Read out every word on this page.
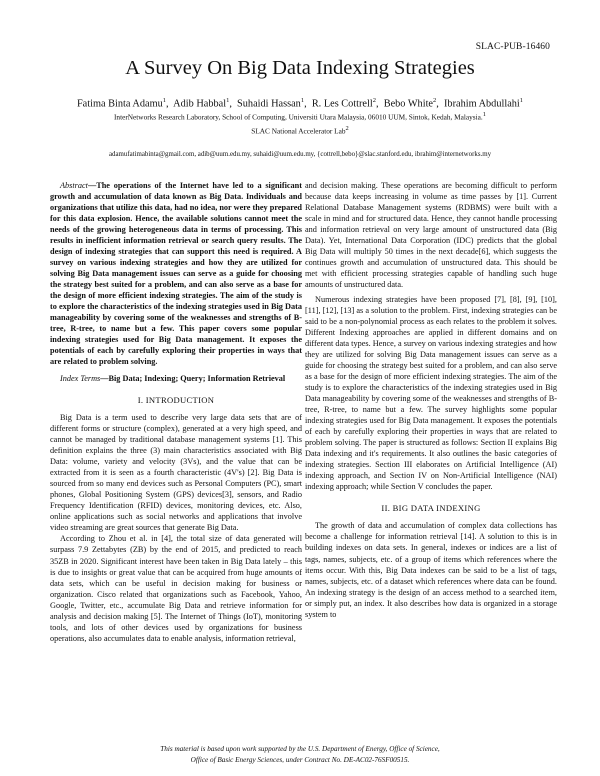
SLAC-PUB-16460
A Survey On Big Data Indexing Strategies
Fatima Binta Adamu$^1$,  Adib Habbal$^1$,  Suhaidi Hassan$^1$,  R. Les Cottrell$^2$,  Bebo White$^2$,  Ibrahim Abdullahi$^1$
InterNetworks Research Laboratory, School of Computing, Universiti Utara Malaysia, 06010 UUM, Sintok, Kedah, Malaysia.$^1$
SLAC National Accelerator Lab$^2$
adamufatimabinta@gmail.com, adib@uum.edu.my, suhaidi@uum.edu.my, {cottrell,bebo}@slac.stanford.edu, ibrahim@internetworks.my

Abstract—The operations of the Internet have led to a significant growth and accumulation of data known as Big Data. Individuals and organizations that utilize this data, had no idea, nor were they prepared for this data explosion. Hence, the available solutions cannot meet the needs of the growing heterogeneous data in terms of processing. This results in inefficient information retrieval or search query results. The design of indexing strategies that can support this need is required. A survey on various indexing strategies and how they are utilized for solving Big Data management issues can serve as a guide for choosing the strategy best suited for a problem, and can also serve as a base for the design of more efficient indexing strategies. The aim of the study is to explore the characteristics of the indexing strategies used in Big Data manageability by covering some of the weaknesses and strengths of B-tree, R-tree, to name but a few. This paper covers some popular indexing strategies used for Big Data management. It exposes the potentials of each by carefully exploring their properties in ways that are related to problem solving.

Index Terms—Big Data; Indexing; Query; Information Retrieval

I. INTRODUCTION

Big Data is a term used to describe very large data sets that are of different forms or structure (complex), generated at a very high speed, and cannot be managed by traditional database management systems [1]. This definition explains the three (3) main characteristics associated with Big Data: volume, variety and velocity (3Vs), and the value that can be extracted from it is seen as a fourth characteristic (4V's) [2]. Big Data is sourced from so many end devices such as Personal Computers (PC), smart phones, Global Positioning System (GPS) devices[3], sensors, and Radio Frequency Identification (RFID) devices, monitoring devices, etc. Also, online applications such as social networks and applications that involve video streaming are great sources that generate Big Data.

According to Zhou et al. in [4], the total size of data generated will surpass 7.9 Zettabytes (ZB) by the end of 2015, and predicted to reach 35ZB in 2020. Significant interest have been taken in Big Data lately – this is due to insights or great value that can be acquired from huge amounts of data sets, which can be useful in decision making for business or organization. Cisco related that organizations such as Facebook, Yahoo, Google, Twitter, etc., accumulate Big Data and retrieve information for analysis and decision making [5]. The Internet of Things (IoT), monitoring tools, and lots of other devices used by organizations for business operations, also accumulates data to enable analysis, information retrieval,

and decision making. These operations are becoming difficult to perform because data keeps increasing in volume as time passes by [1]. Current Relational Database Management systems (RDBMS) were built with a scale in mind and for structured data. Hence, they cannot handle processing and information retrieval on very large amount of unstructured data (Big Data). Yet, International Data Corporation (IDC) predicts that the global Big Data will multiply 50 times in the next decade[6], which suggests the continues growth and accumulation of unstructured data. This should be met with efficient processing strategies capable of handling such huge amounts of unstructured data.

Numerous indexing strategies have been proposed [7], [8], [9], [10], [11], [12], [13] as a solution to the problem. First, indexing strategies can be said to be a non-polynomial process as each relates to the problem it solves. Different Indexing approaches are applied in different domains and on different data types. Hence, a survey on various indexing strategies and how they are utilized for solving Big Data management issues can serve as a guide for choosing the strategy best suited for a problem, and can also serve as a base for the design of more efficient indexing strategies. The aim of the study is to explore the characteristics of the indexing strategies used in Big Data manageability by covering some of the weaknesses and strengths of B-tree, R-tree, to name but a few. The survey highlights some popular indexing strategies used for Big Data management. It exposes the potentials of each by carefully exploring their properties in ways that are related to problem solving. The paper is structured as follows: Section II explains Big Data indexing and it's requirements. It also outlines the basic categories of indexing strategies. Section III elaborates on Artificial Intelligence (AI) indexing approach, and Section IV on Non-Artificial Intelligence (NAI) indexing approach; while Section V concludes the paper.

II. BIG DATA INDEXING

The growth of data and accumulation of complex data collections has become a challenge for information retrieval [14]. A solution to this is in building indexes on data sets. In general, indexes or indices are a list of tags, names, subjects, etc. of a group of items which references where the items occur. With this, Big Data indexes can be said to be a list of tags, names, subjects, etc. of a dataset which references where data can be found. An indexing strategy is the design of an access method to a searched item, or simply put, an index. It also describes how data is organized in a storage system to

This material is based upon work supported by the U.S. Department of Energy, Office of Science,
Office of Basic Energy Sciences, under Contract No. DE-AC02-76SF00515.
